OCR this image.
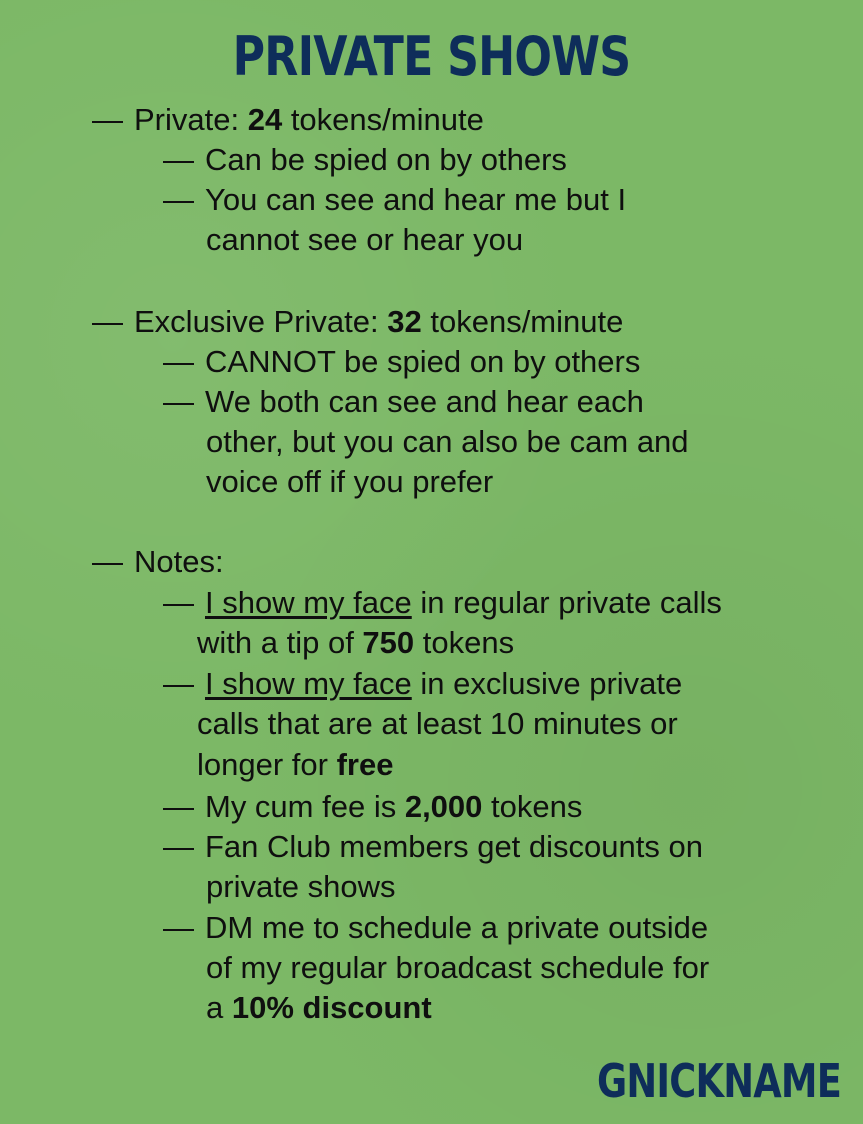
PRIVATE SHOWS

— Private: 24 tokens/minute

— Can be spied on by others

— You can see and hear me but I

cannot see or hear you

— Exclusive Private: 32 tokens/minute

— CANNOT be spied on by others

— We both can see and hear each

other, but you can also be cam and

voice off if you prefer

— Notes:

— I show my face in regular private calls

with a tip of 750 tokens

— I show my face in exclusive private

calls that are at least 10 minutes or

longer for free

— My cum fee is 2,000 tokens

— Fan Club members get discounts on

private shows

— DM me to schedule a private outside

of my regular broadcast schedule for

a 10% discount

GNICKNAME
